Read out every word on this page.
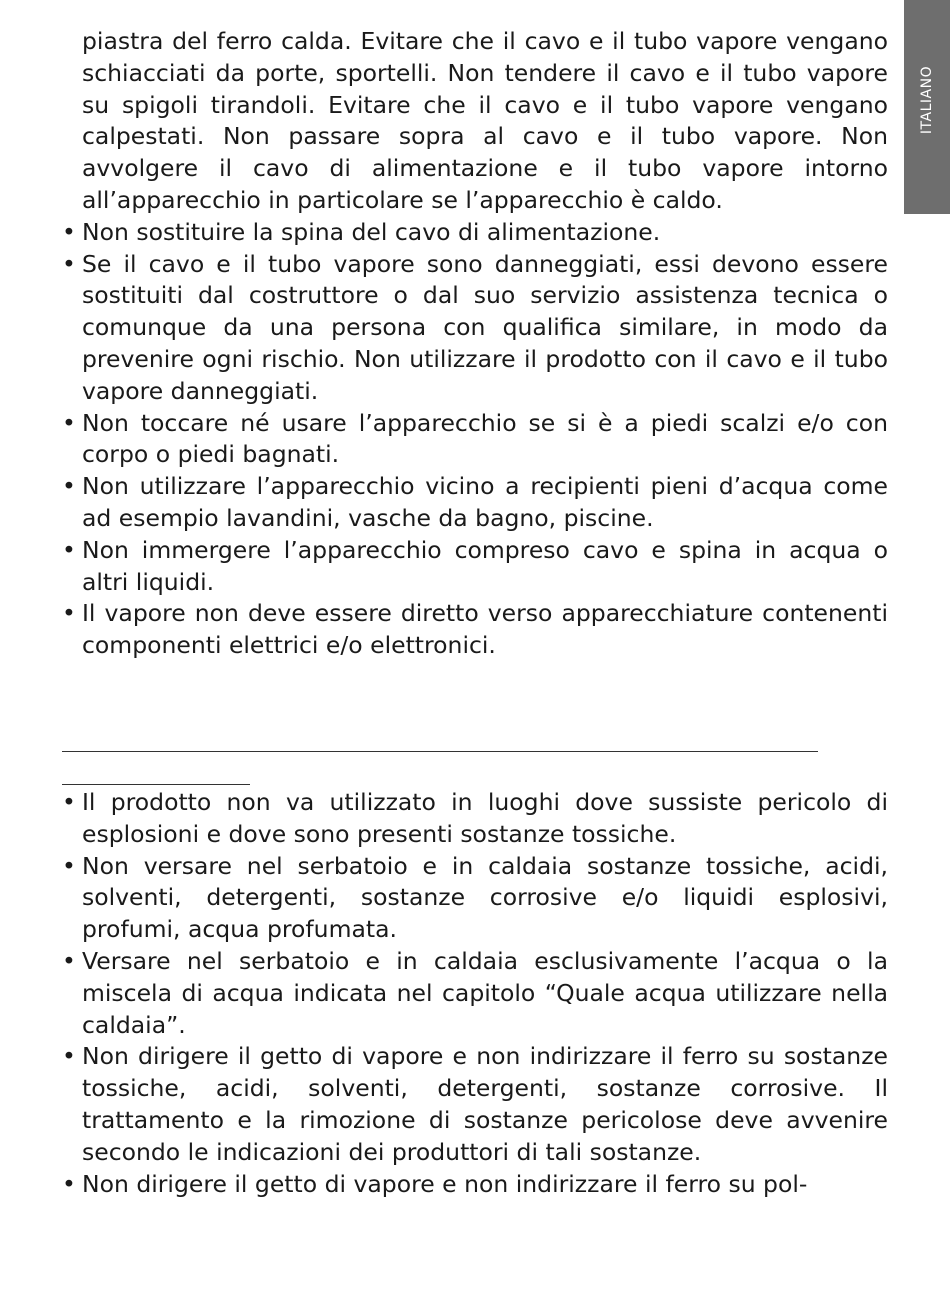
ITALIANO
piastra del ferro calda. Evitare che il cavo e il tubo vapore vengano schiacciati da porte, sportelli. Non tendere il cavo e il tubo vapore su spigoli tirandoli. Evitare che il cavo e il tubo vapore vengano calpestati. Non passare sopra al cavo e il tubo vapore. Non avvolgere il cavo di alimentazione e il tubo vapore intorno all’apparecchio in particolare se l’apparecchio è caldo.
• Non sostituire la spina del cavo di alimentazione.
• Se il cavo e il tubo vapore sono danneggiati, essi devono essere sostituiti dal costruttore o dal suo servizio assistenza tecnica o comunque da una persona con qualifica similare, in modo da prevenire ogni rischio. Non utilizzare il prodotto con il cavo e il tubo vapore danneggiati.
• Non toccare né usare l’apparecchio se si è a piedi scalzi e/o con corpo o piedi bagnati.
• Non utilizzare l’apparecchio vicino a recipienti pieni d’acqua come ad esempio lavandini, vasche da bagno, piscine.
• Non immergere l’apparecchio compreso cavo e spina in acqua o altri liquidi.
• Il vapore non deve essere diretto verso apparecchiature contenenti componenti elettrici e/o elettronici.
• Il prodotto non va utilizzato in luoghi dove sussiste pericolo di esplosioni e dove sono presenti sostanze tossiche.
• Non versare nel serbatoio e in caldaia sostanze tossiche, acidi, solventi, detergenti, sostanze corrosive e/o liquidi esplosivi, profumi, acqua profumata.
• Versare nel serbatoio e in caldaia esclusivamente l’acqua o la miscela di acqua indicata nel capitolo “Quale acqua utilizzare nella caldaia”.
• Non dirigere il getto di vapore e non indirizzare il ferro su sostanze tossiche, acidi, solventi, detergenti, sostanze corrosive. Il trattamento e la rimozione di sostanze pericolose deve avvenire secondo le indicazioni dei produttori di tali sostanze.
• Non dirigere il getto di vapore e non indirizzare il ferro su pol-
